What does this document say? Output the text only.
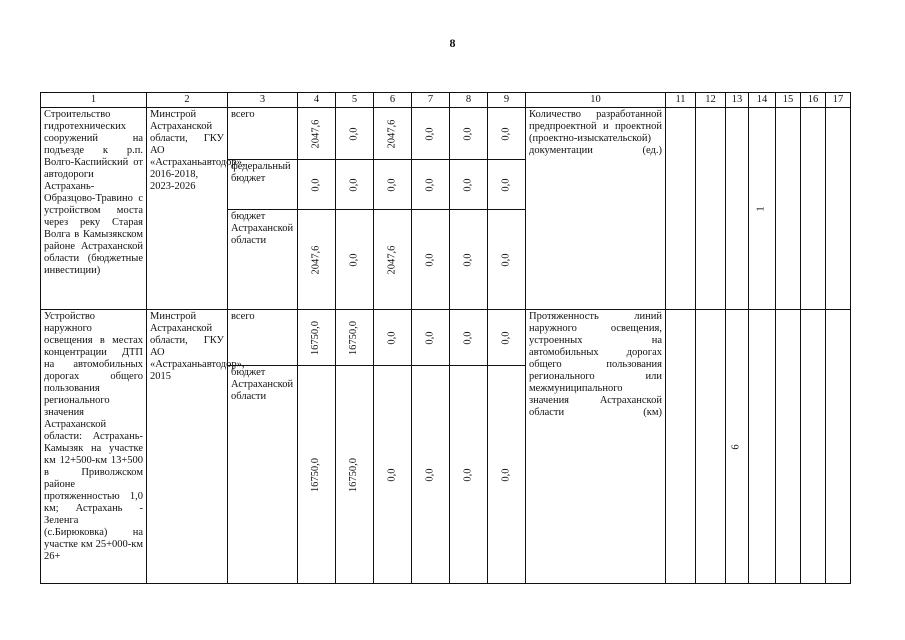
8
1	2	3	4	5	6	7	8	9	10	11	12	13	14	15	16	17
Строительство гидротехнических сооружений на подъезде к р.п. Волго-Каспийский от автодороги Астрахань-Образцово-Травино с устройством моста через реку Старая Волга в Камызякском районе Астраханской области (бюджетные инвестиции)	Минстрой Астраханской области, ГКУ АО «Астраханьавтодор», 2016-2018, 2023-2026	всего	2047,6	0,0	2047,6	0,0	0,0	0,0	Количество разработанной предпроектной и проектной (проектно-изыскательской) документации (ед.)				1			
		федеральный бюджет	0,0	0,0	0,0	0,0	0,0	0,0								
		бюджет Астраханской области	2047,6	0,0	2047,6	0,0	0,0	0,0								
Устройство наружного освещения в местах концентрации ДТП на автомобильных дорогах общего пользования регионального значения Астраханской области: Астрахань-Камызяк на участке км 12+500-км 13+500 в Приволжском районе протяженностью 1,0 км; Астрахань - Зеленга (с.Бирюковка) на участке км 25+000-км 26+	Минстрой Астраханской области, ГКУ АО «Астраханьавтодор», 2015	всего	16750,0	16750,0	0,0	0,0	0,0	0,0	Протяженность линий наружного освещения, устроенных на автомобильных дорогах общего пользования регионального или межмуниципального значения Астраханской области (км)			6				
		бюджет Астраханской области	16750,0	16750,0	0,0	0,0	0,0	0,0								
